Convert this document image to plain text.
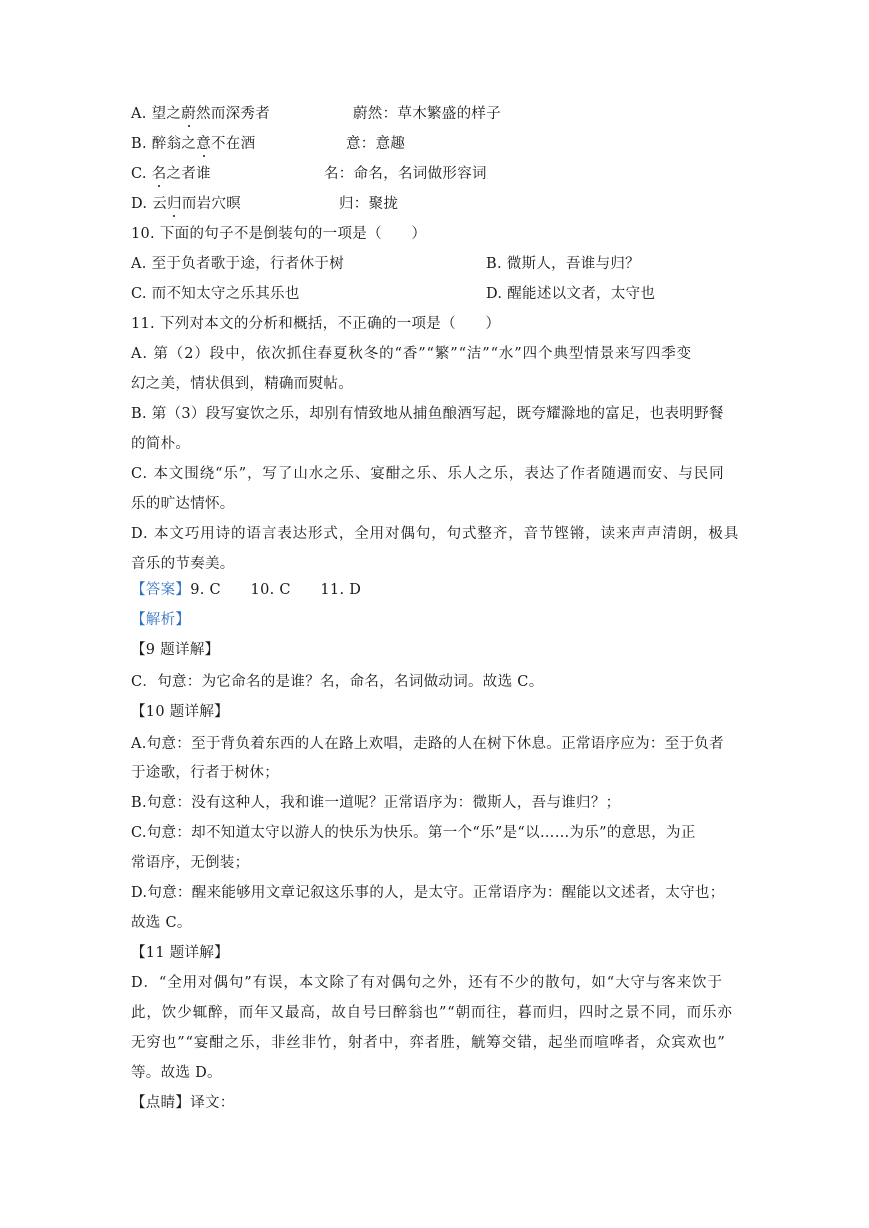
A. 望之蔚然而深秀者	蔚然：草木繁盛的样子
B. 醉翁之意不在酒	意：意趣
C. 名之者谁	名：命名，名词做形容词
D. 云归而岩穴暝	归：聚拢
10. 下面的句子不是倒装句的一项是（　　）
A. 至于负者歌于途，行者休于树	B. 微斯人，吾谁与归？
C. 而不知太守之乐其乐也	D. 醒能述以文者，太守也
11. 下列对本文的分析和概括，不正确的一项是（　　）
A. 第（2）段中，依次抓住春夏秋冬的“香”“繁”“洁”“水”四个典型情景来写四季变
幻之美，情状俱到，精确而熨帖。
B. 第（3）段写宴饮之乐，却别有情致地从捕鱼酿酒写起，既夸耀滁地的富足，也表明野餐
的简朴。
C. 本文围绕“乐”，写了山水之乐、宴酣之乐、乐人之乐，表达了作者随遇而安、与民同
乐的旷达情怀。
D. 本文巧用诗的语言表达形式，全用对偶句，句式整齐，音节铿锵，读来声声清朗，极具
音乐的节奏美。
【答案】9. C　　10. C　　11. D
【解析】
【9 题详解】
C．句意：为它命名的是谁？名，命名，名词做动词。故选 C。
【10 题详解】
A.句意：至于背负着东西的人在路上欢唱，走路的人在树下休息。正常语序应为：至于负者
于途歌，行者于树休；
B.句意：没有这种人，我和谁一道呢？正常语序为：微斯人，吾与谁归？；
C.句意：却不知道太守以游人的快乐为快乐。第一个“乐”是“以……为乐”的意思，为正
常语序，无倒装；
D.句意：醒来能够用文章记叙这乐事的人，是太守。正常语序为：醒能以文述者，太守也；
故选 C。
【11 题详解】
D．“全用对偶句”有误，本文除了有对偶句之外，还有不少的散句，如“大守与客来饮于
此，饮少辄醉，而年又最高，故自号曰醉翁也”“朝而往，暮而归，四时之景不同，而乐亦
无穷也”“宴酣之乐，非丝非竹，射者中，弈者胜，觥筹交错，起坐而喧哗者，众宾欢也”
等。故选 D。
【点睛】译文：
